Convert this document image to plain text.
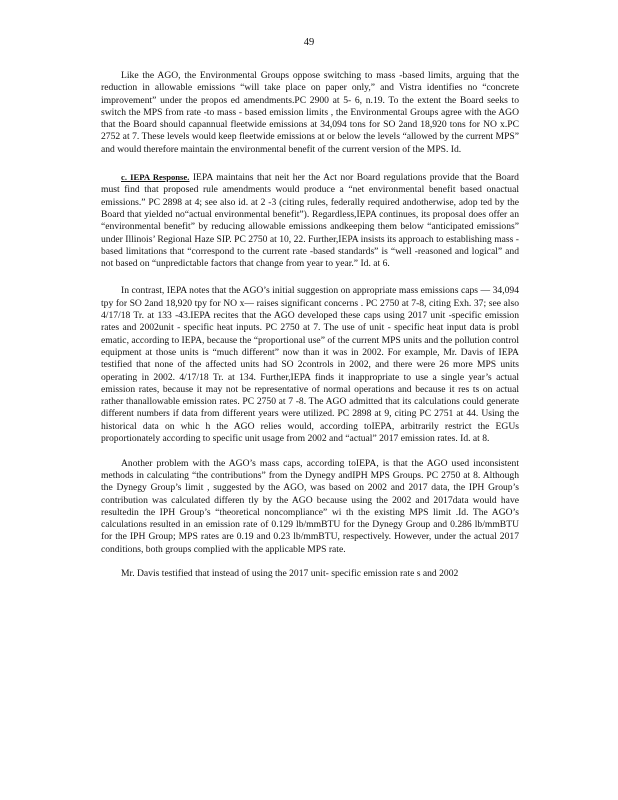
49

Like the AGO, the Environmental Groups oppose switching to mass -based limits, arguing that the reduction in allowable emissions “will take place on paper only,” and Vistra identifies no “concrete improvement” under the propos ed amendments.PC 2900 at 5- 6, n.19. To the extent the Board seeks to switch the MPS from rate -to mass - based emission limits , the Environmental Groups agree with the AGO that the Board should capannual fleetwide emissions at 34,094 tons for SO 2and 18,920 tons for NO x.PC 2752 at 7. These levels would keep fleetwide emissions at or below the levels “allowed by the current MPS” and would therefore maintain the environmental benefit of the current version of the MPS. Id.

c. IEPA Response. IEPA maintains that neit her the Act nor Board regulations provide that the Board must find that proposed rule amendments would produce a “net environmental benefit based onactual emissions.” PC 2898 at 4; see also id. at 2 -3 (citing rules, federally required andotherwise, adop ted by the Board that yielded no“actual environmental benefit”). Regardless,IEPA continues, its proposal does offer an “environmental benefit” by reducing allowable emissions andkeeping them below “anticipated emissions” under Illinois’ Regional Haze SIP. PC 2750 at 10, 22. Further,IEPA insists its approach to establishing mass - based limitations that “correspond to the current rate -based standards” is “well -reasoned and logical” and not based on “unpredictable factors that change from year to year.” Id. at 6.

In contrast, IEPA notes that the AGO’s initial suggestion on appropriate mass emissions caps — 34,094 tpy for SO 2and 18,920 tpy for NO x— raises significant concerns . PC 2750 at 7-8, citing Exh. 37; see also 4/17/18 Tr. at 133 -43.IEPA recites that the AGO developed these caps using 2017 unit -specific emission rates and 2002unit - specific heat inputs. PC 2750 at 7. The use of unit - specific heat input data is probl ematic, according to IEPA, because the “proportional use” of the current MPS units and the pollution control equipment at those units is “much different” now than it was in 2002. For example, Mr. Davis of IEPA testified that none of the affected units had SO 2controls in 2002, and there were 26 more MPS units operating in 2002. 4/17/18 Tr. at 134. Further,IEPA finds it inappropriate to use a single year’s actual emission rates, because it may not be representative of normal operations and because it res ts on actual rather thanallowable emission rates. PC 2750 at 7 -8. The AGO admitted that its calculations could generate different numbers if data from different years were utilized. PC 2898 at 9, citing PC 2751 at 44. Using the historical data on whic h the AGO relies would, according toIEPA, arbitrarily restrict the EGUs proportionately according to specific unit usage from 2002 and “actual” 2017 emission rates. Id. at 8.

Another problem with the AGO’s mass caps, according toIEPA, is that the AGO used inconsistent methods in calculating “the contributions” from the Dynegy andIPH MPS Groups. PC 2750 at 8. Although the Dynegy Group’s limit , suggested by the AGO, was based on 2002 and 2017 data, the IPH Group’s contribution was calculated differen tly by the AGO because using the 2002 and 2017data would have resultedin the IPH Group’s “theoretical noncompliance” wi th the existing MPS limit .Id. The AGO’s calculations resulted in an emission rate of 0.129 lb/mmBTU for the Dynegy Group and 0.286 lb/mmBTU for the IPH Group; MPS rates are 0.19 and 0.23 lb/mmBTU, respectively. However, under the actual 2017 conditions, both groups complied with the applicable MPS rate.

Mr. Davis testified that instead of using the 2017 unit- specific emission rate s and 2002
